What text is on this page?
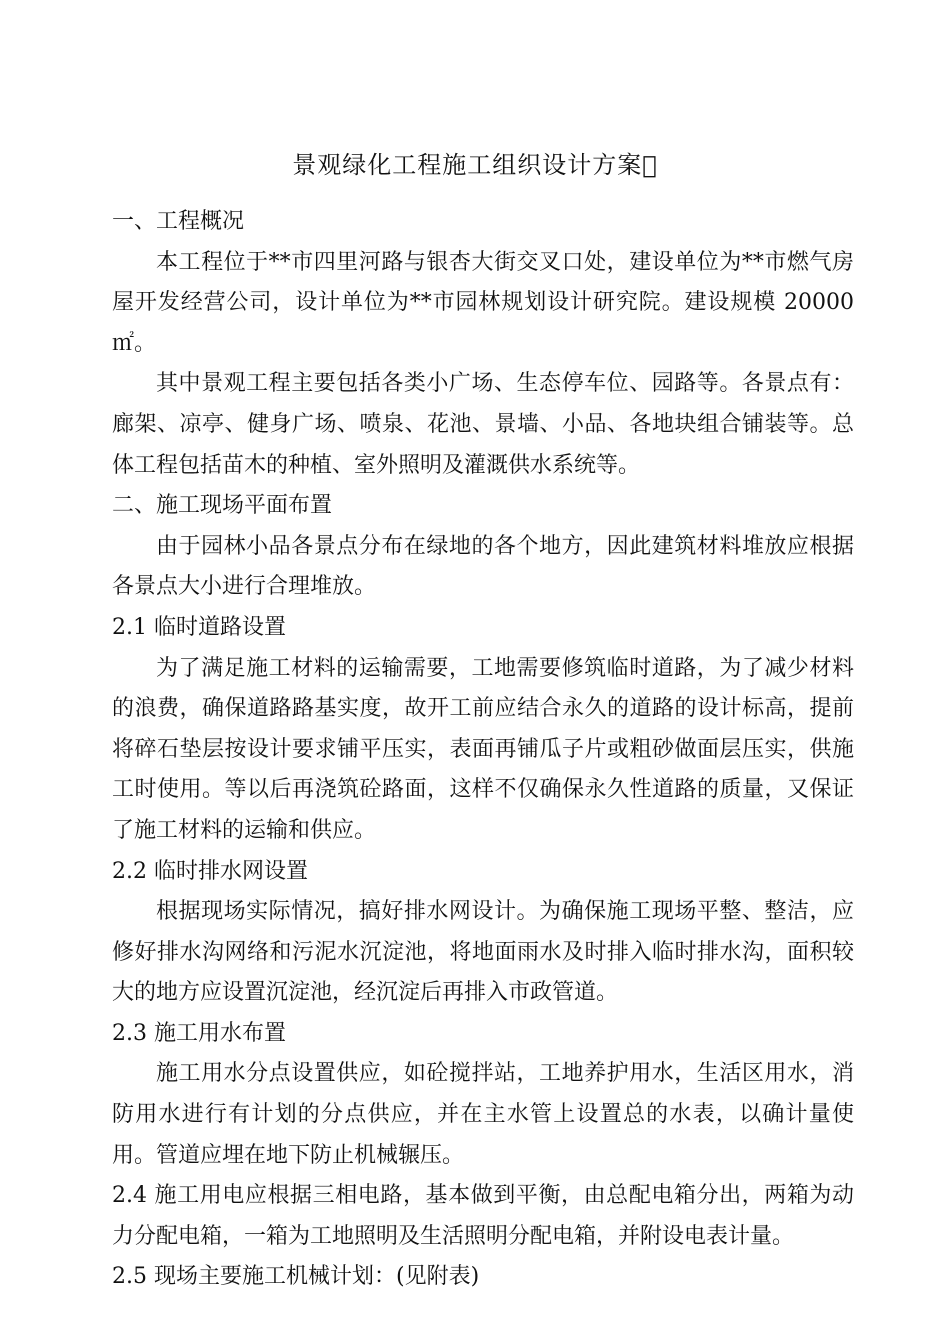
景观绿化工程施工组织设计方案 

一、工程概况

本工程位于**市四里河路与银杏大街交叉口处，建设单位为**市燃气房屋开发经营公司，设计单位为**市园林规划设计研究院。建设规模 20000 ㎡。

其中景观工程主要包括各类小广场、生态停车位、园路等。各景点有：廊架、凉亭、健身广场、喷泉、花池、景墙、小品、各地块组合铺装等。总体工程包括苗木的种植、室外照明及灌溉供水系统等。

二、施工现场平面布置

由于园林小品各景点分布在绿地的各个地方，因此建筑材料堆放应根据各景点大小进行合理堆放。

2.1 临时道路设置

为了满足施工材料的运输需要，工地需要修筑临时道路，为了减少材料的浪费，确保道路路基实度，故开工前应结合永久的道路的设计标高，提前将碎石垫层按设计要求铺平压实，表面再铺瓜子片或粗砂做面层压实，供施工时使用。等以后再浇筑砼路面，这样不仅确保永久性道路的质量，又保证了施工材料的运输和供应。

2.2 临时排水网设置

根据现场实际情况，搞好排水网设计。为确保施工现场平整、整洁，应修好排水沟网络和污泥水沉淀池，将地面雨水及时排入临时排水沟，面积较大的地方应设置沉淀池，经沉淀后再排入市政管道。

2.3 施工用水布置

施工用水分点设置供应，如砼搅拌站，工地养护用水，生活区用水，消防用水进行有计划的分点供应，并在主水管上设置总的水表，以确计量使用。管道应埋在地下防止机械辗压。

2.4 施工用电应根据三相电路，基本做到平衡，由总配电箱分出，两箱为动力分配电箱，一箱为工地照明及生活照明分配电箱，并附设电表计量。

2.5 现场主要施工机械计划：(见附表)
